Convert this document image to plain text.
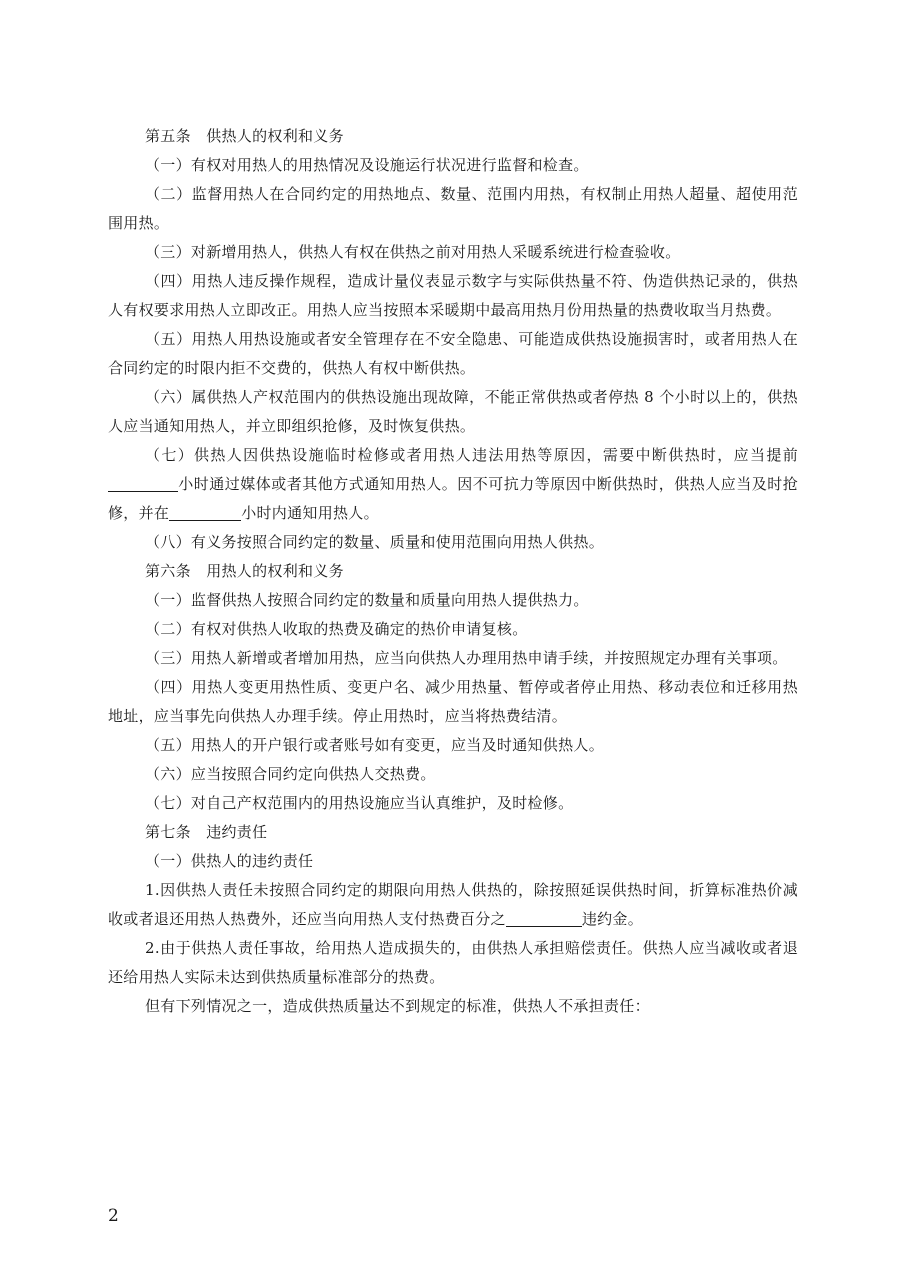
第五条　供热人的权利和义务

（一）有权对用热人的用热情况及设施运行状况进行监督和检查。

（二）监督用热人在合同约定的用热地点、数量、范围内用热，有权制止用热人超量、超使用范围用热。

（三）对新增用热人，供热人有权在供热之前对用热人采暖系统进行检查验收。

（四）用热人违反操作规程，造成计量仪表显示数字与实际供热量不符、伪造供热记录的，供热人有权要求用热人立即改正。用热人应当按照本采暖期中最高用热月份用热量的热费收取当月热费。

（五）用热人用热设施或者安全管理存在不安全隐患、可能造成供热设施损害时，或者用热人在合同约定的时限内拒不交费的，供热人有权中断供热。

（六）属供热人产权范围内的供热设施出现故障，不能正常供热或者停热 8 个小时以上的，供热人应当通知用热人，并立即组织抢修，及时恢复供热。

（七）供热人因供热设施临时检修或者用热人违法用热等原因，需要中断供热时，应当提前小时通过媒体或者其他方式通知用热人。因不可抗力等原因中断供热时，供热人应当及时抢修，并在	小时内通知用热人。

（八）有义务按照合同约定的数量、质量和使用范围向用热人供热。

第六条　用热人的权利和义务

（一）监督供热人按照合同约定的数量和质量向用热人提供热力。

（二）有权对供热人收取的热费及确定的热价申请复核。

（三）用热人新增或者增加用热，应当向供热人办理用热申请手续，并按照规定办理有关事项。

（四）用热人变更用热性质、变更户名、减少用热量、暂停或者停止用热、移动表位和迁移用热地址，应当事先向供热人办理手续。停止用热时，应当将热费结清。

（五）用热人的开户银行或者账号如有变更，应当及时通知供热人。

（六）应当按照合同约定向供热人交热费。

（七）对自己产权范围内的用热设施应当认真维护，及时检修。

第七条　违约责任

（一）供热人的违约责任

1.因供热人责任未按照合同约定的期限向用热人供热的，除按照延误供热时间，折算标准热价减收或者退还用热人热费外，还应当向用热人支付热费百分之	违约金。

2.由于供热人责任事故，给用热人造成损失的，由供热人承担赔偿责任。供热人应当减收或者退还给用热人实际未达到供热质量标准部分的热费。

但有下列情况之一，造成供热质量达不到规定的标准，供热人不承担责任：

2
